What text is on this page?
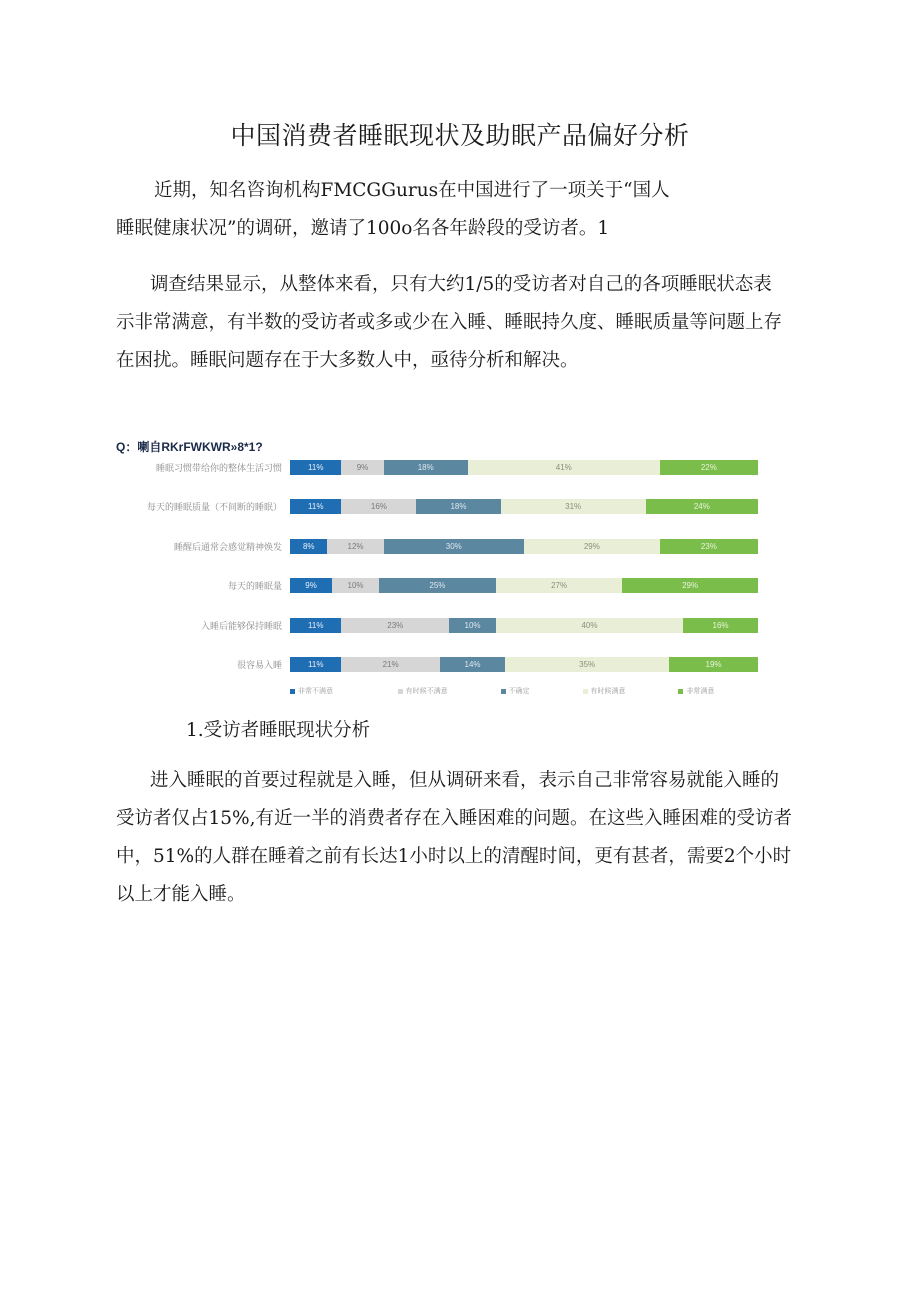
中国消费者睡眠现状及助眠产品偏好分析
近期，知名咨询机构FMCGGurus在中国进行了一项关于“国人
睡眠健康状况”的调研，邀请了100o名各年龄段的受访者。1
调查结果显示，从整体来看，只有大约1/5的受访者对自己的各项睡眠状态表
示非常满意，有半数的受访者或多或少在入睡、睡眠持久度、睡眠质量等问题上存
在困扰。睡眠问题存在于大多数人中，亟待分析和解决。
Q：喇自RKrFWKWR»8*1?
睡眠习惯带给你的整体生活习惯	11%	9%	18%	41%	22%
每天的睡眠质量（不间断的睡眠）	11%	16%	18%	31%	24%
睡醒后通常会感觉精神焕发	8%	12%	30%	29%	23%
每天的睡眠量	9%	10%	25%	27%	29%
入睡后能够保持睡眠	11%	23%	10%	40%	16%
很容易入睡	11%	21%	14%	35%	19%
非常不满意	有时候不满意	不确定	有时候满意	非常满意
1.受访者睡眠现状分析
进入睡眠的首要过程就是入睡，但从调研来看，表示自己非常容易就能入睡的
受访者仅占15%,有近一半的消费者存在入睡困难的问题。在这些入睡困难的受访者
中，51%的人群在睡着之前有长达1小时以上的清醒时间，更有甚者，需要2个小时
以上才能入睡。
